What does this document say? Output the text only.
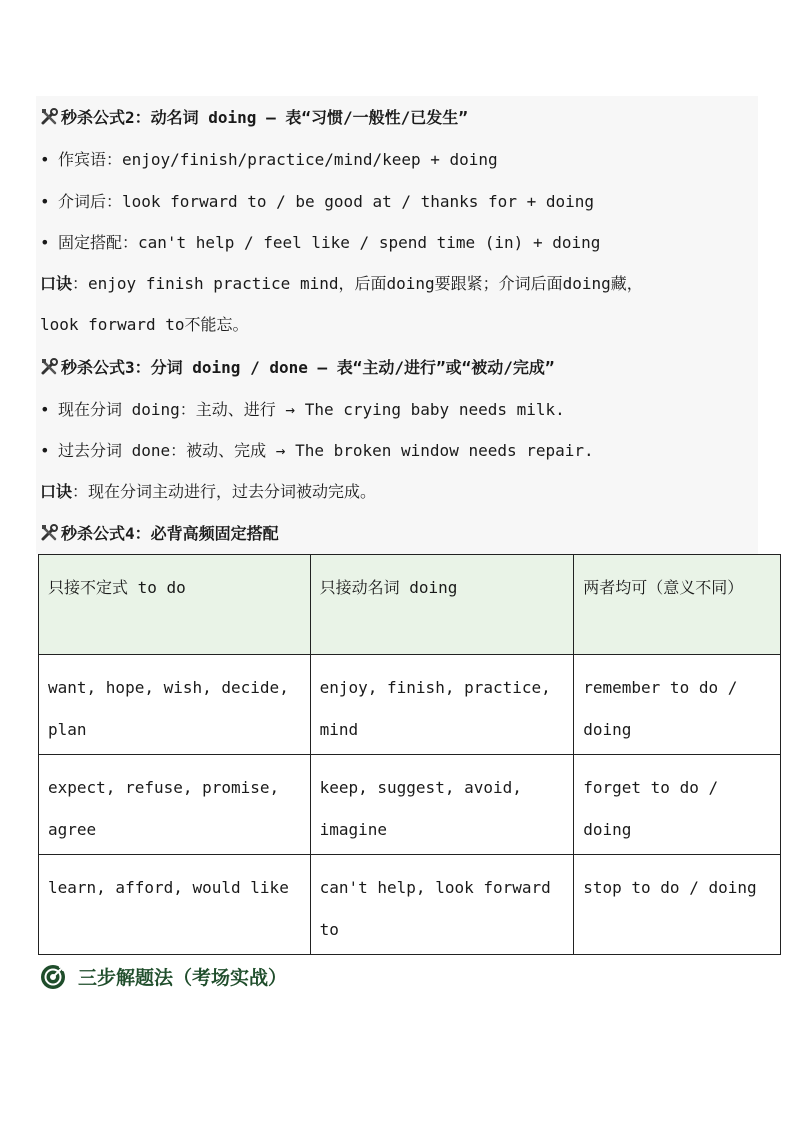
秒杀公式2：动名词 doing — 表“习惯/一般性/已发生”
• 作宾语：enjoy/finish/practice/mind/keep + doing
• 介词后：look forward to / be good at / thanks for + doing
• 固定搭配：can't help / feel like / spend time (in) + doing
口诀：enjoy finish practice mind，后面doing要跟紧；介词后面doing藏，
look forward to不能忘。
秒杀公式3：分词 doing / done — 表“主动/进行”或“被动/完成”
• 现在分词 doing：主动、进行 → The crying baby needs milk.
• 过去分词 done：被动、完成 → The broken window needs repair.
口诀：现在分词主动进行，过去分词被动完成。
秒杀公式4：必背高频固定搭配
只接不定式 to do	只接动名词 doing	两者均可（意义不同）
want, hope, wish, decide, plan	enjoy, finish, practice, mind	remember to do / doing
expect, refuse, promise, agree	keep, suggest, avoid, imagine	forget to do / doing
learn, afford, would like	can't help, look forward to	stop to do / doing
三步解题法（考场实战）
